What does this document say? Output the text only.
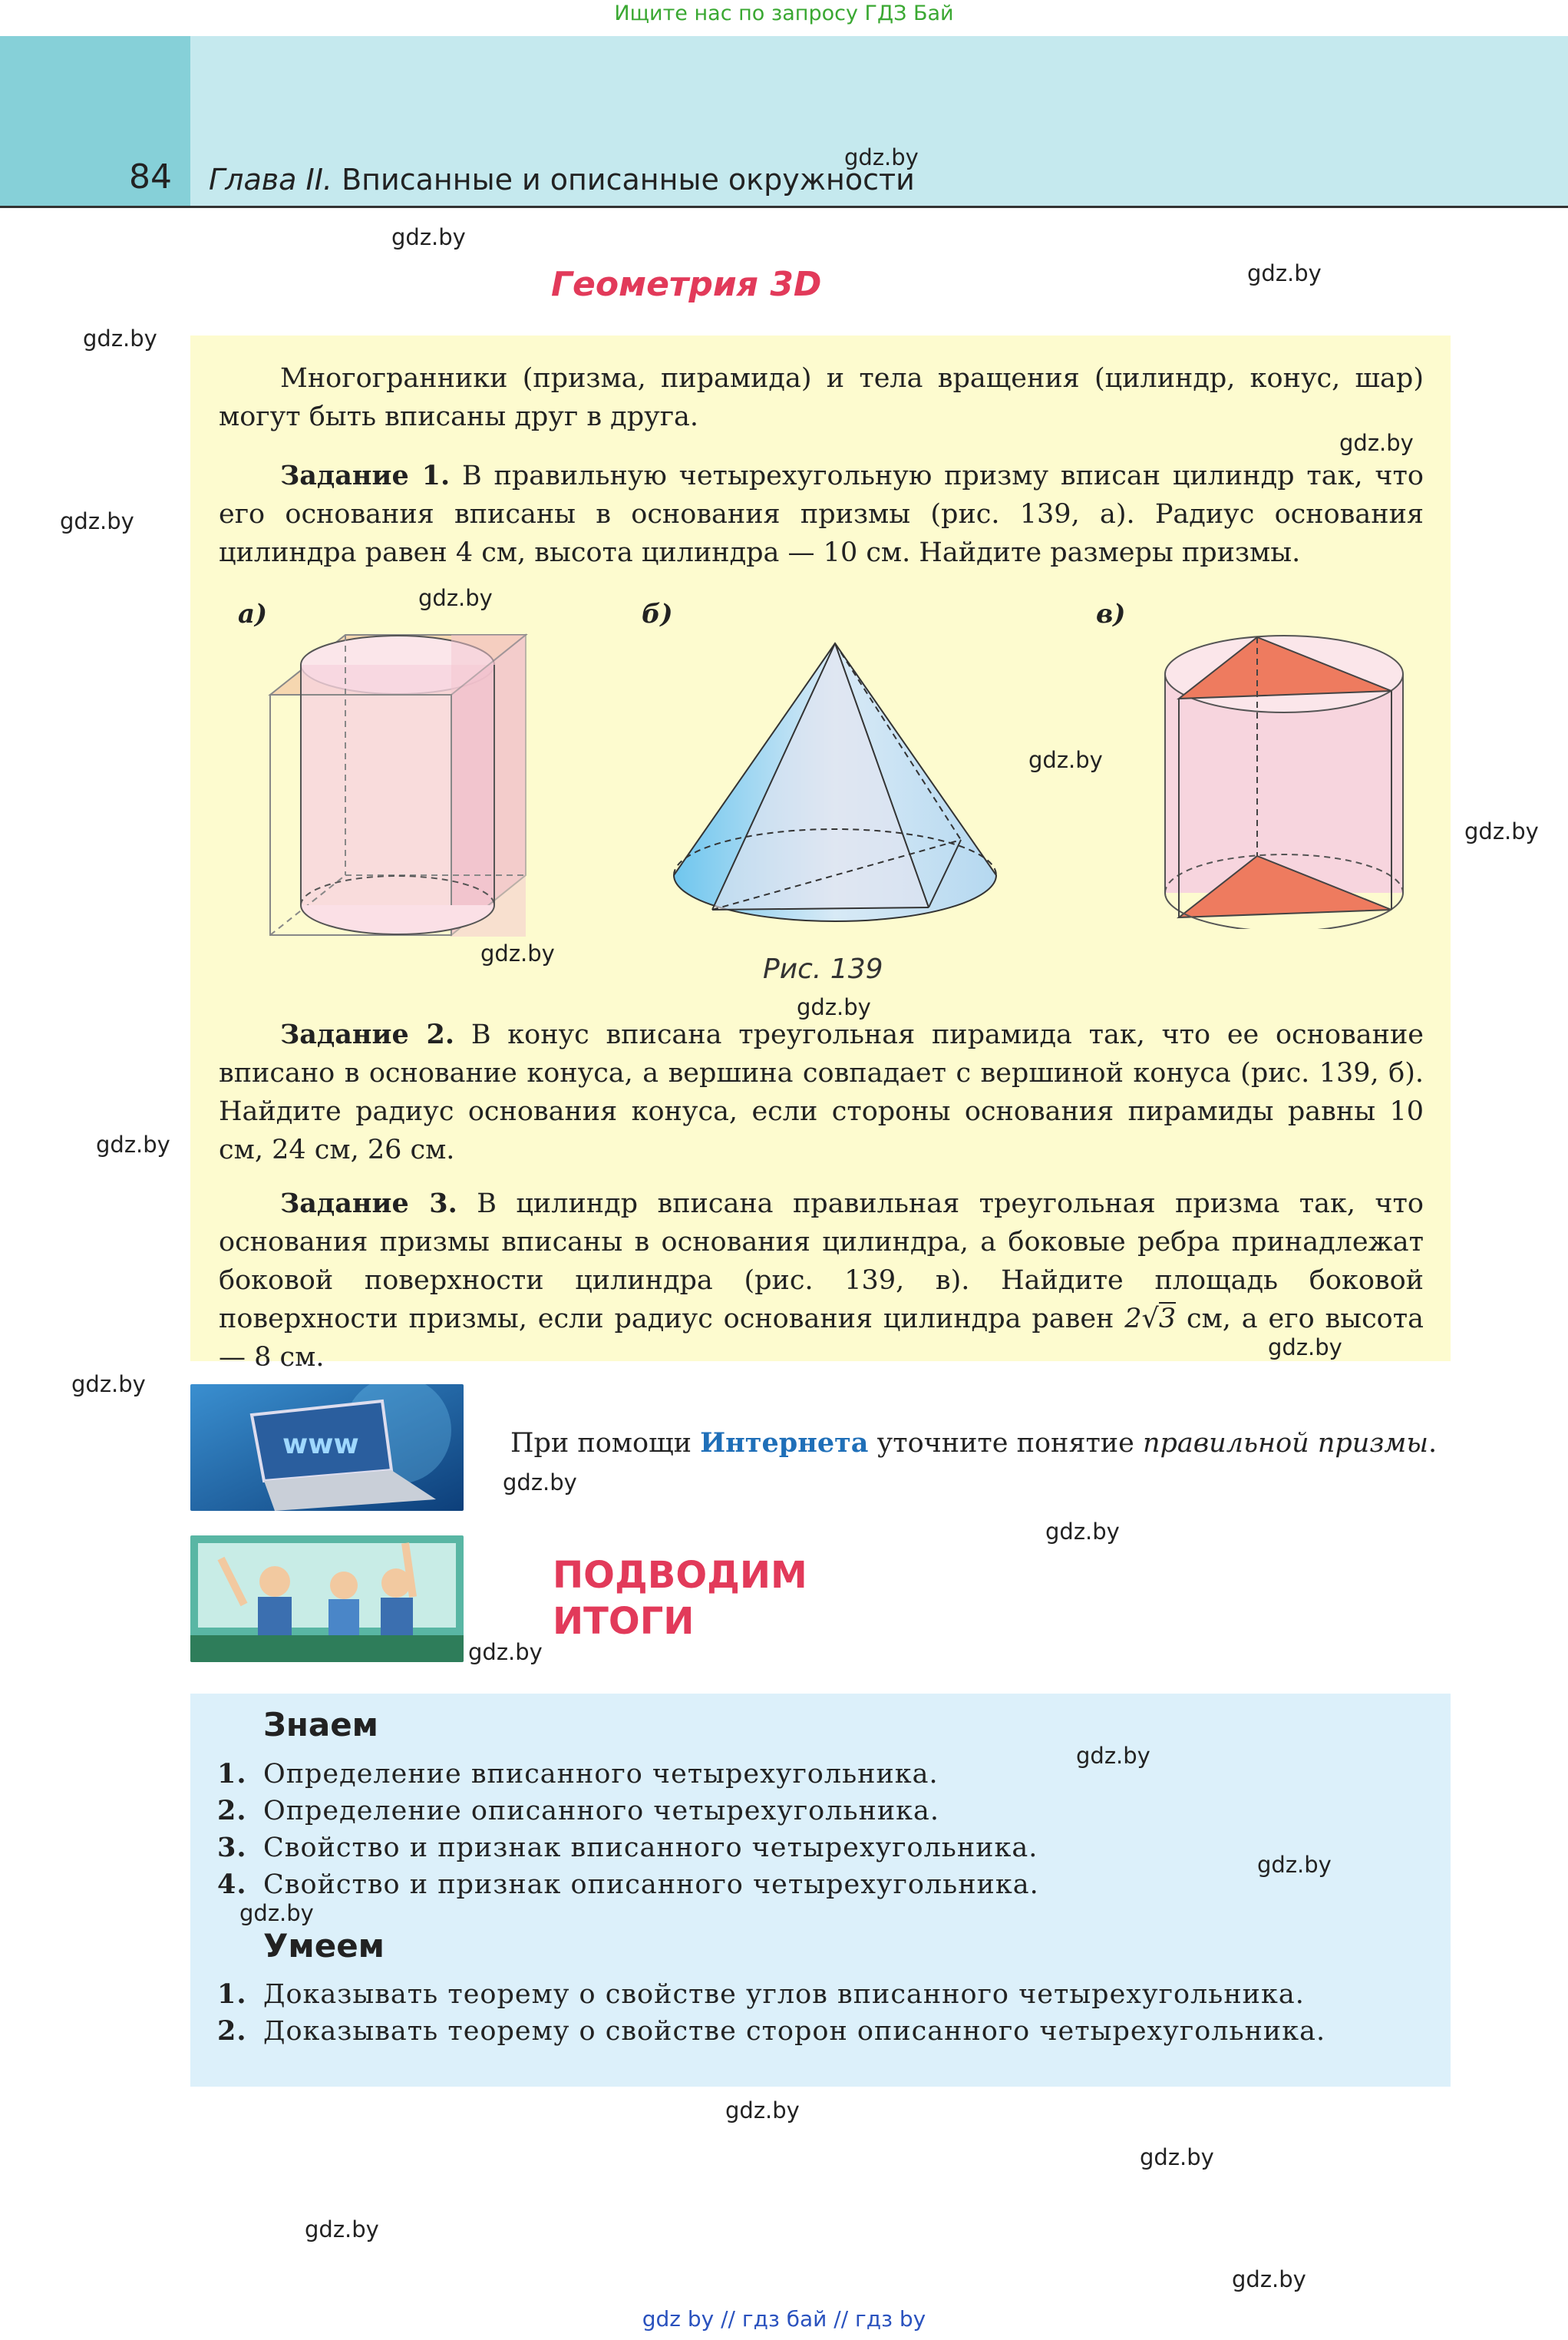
Ищите нас по запросу ГДЗ Бай
84 Глава II. Вписанные и описанные окружности
Геометрия 3D
Многогранники (призма, пирамида) и тела вращения (цилиндр, конус, шар) могут быть вписаны друг в друга.
Задание 1. В правильную четырехугольную призму вписан цилиндр так, что его основания вписаны в основания призмы (рис. 139, а). Радиус основания цилиндра равен 4 см, высота цилиндра — 10 см. Найдите размеры призмы.
а)	б)	в)
Рис. 139
Задание 2. В конус вписана треугольная пирамида так, что ее основание вписано в основание конуса, а вершина совпадает с вершиной конуса (рис. 139, б). Найдите радиус основания конуса, если стороны основания пирамиды равны 10 см, 24 см, 26 см.
Задание 3. В цилиндр вписана правильная треугольная призма так, что основания призмы вписаны в основания цилиндра, а боковые ребра принадлежат боковой поверхности цилиндра (рис. 139, в). Найдите площадь боковой поверхности призмы, если радиус основания цилиндра равен 2√3 см, а его высота — 8 см.
www	При помощи Интернета уточните понятие правильной призмы.
ПОДВОДИМ
ИТОГИ
Знаем
1. Определение вписанного четырехугольника.
2. Определение описанного четырехугольника.
3. Свойство и признак вписанного четырехугольника.
4. Свойство и признак описанного четырехугольника.
Умеем
1. Доказывать теорему о свойстве углов вписанного четырехугольника.
2. Доказывать теорему о свойстве сторон описанного четырехугольника.
gdz.by
gdz.by
gdz.by
gdz.by
gdz.by
gdz.by
gdz.by
gdz.by
gdz.by
gdz.by
gdz.by
gdz.by
gdz.by
gdz.by
gdz.by
gdz.by
gdz.by
gdz.by
gdz.by
gdz.by
gdz.by
gdz.by
gdz.by
gdz.by
gdz by // гдз бай // гдз by
